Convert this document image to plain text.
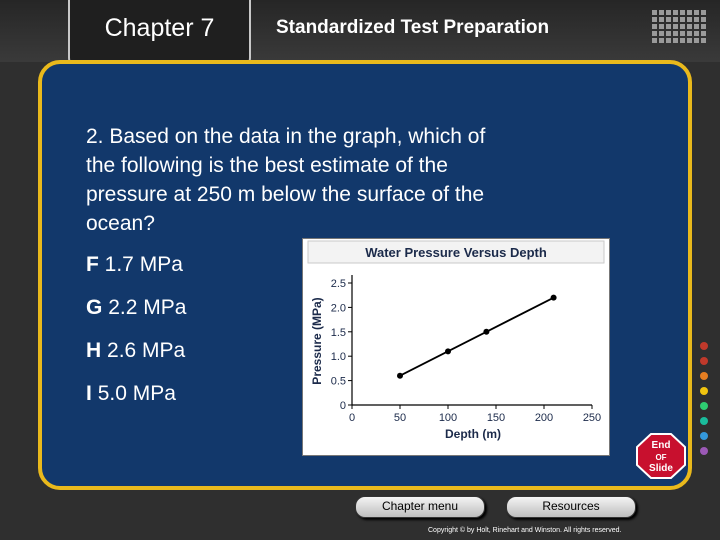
Chapter 7	Standardized Test Preparation
2. Based on the data in the graph, which of the following is the best estimate of the pressure at 250 m below the surface of the ocean?
F 1.7 MPa
G 2.2 MPa
H 2.6 MPa
I 5.0 MPa
Water Pressure Versus Depth
Pressure (MPa)
Depth (m)
0
0.5
1.0
1.5
2.0
2.5
0	50	100	150	200	250
End
OF
Slide
Chapter menu	Resources
Copyright © by Holt, Rinehart and Winston. All rights reserved.
